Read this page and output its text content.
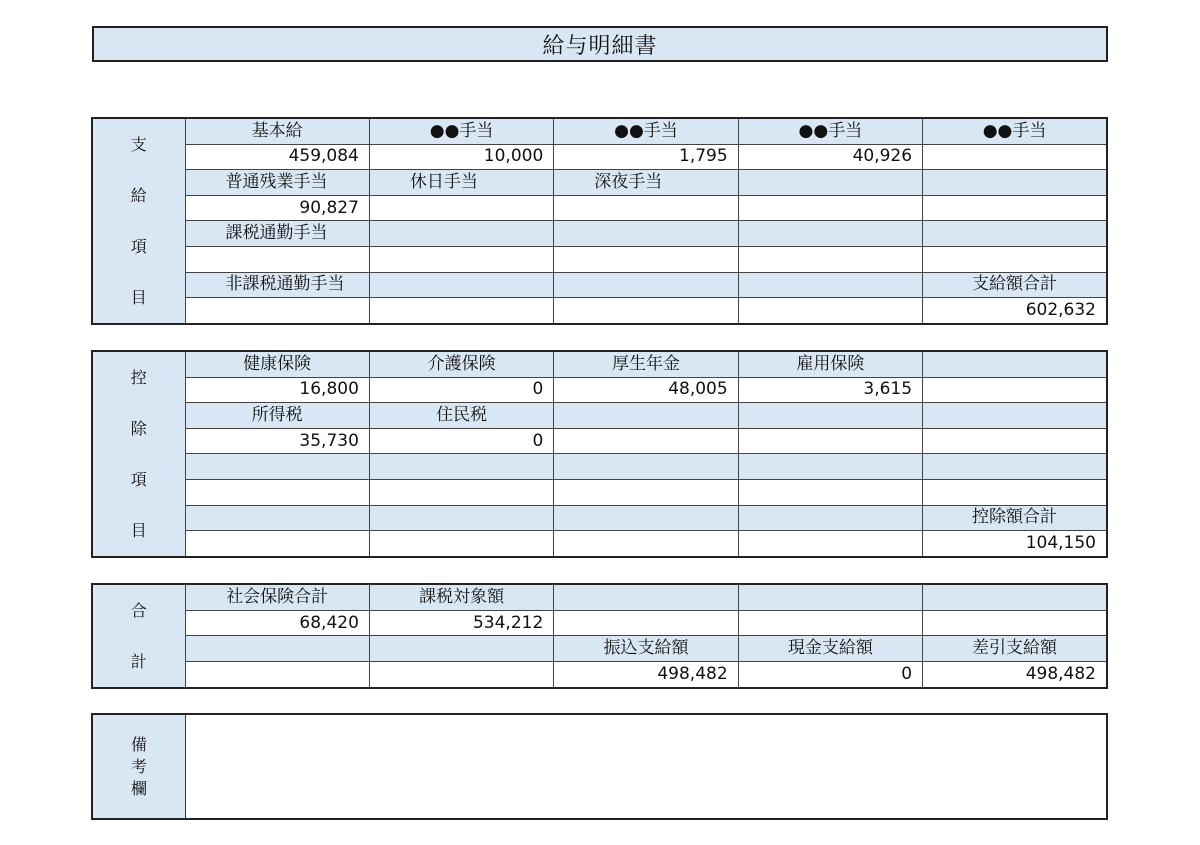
給与明細書
支
給
項
目	基本給	●●手当	●●手当	●●手当	●●手当
	459,084	10,000	1,795	40,926	
	普通残業手当	休日手当	深夜手当		
	90,827				
	課税通勤手当				

	非課税通勤手当				支給額合計
					602,632
控
除
項
目	健康保険	介護保険	厚生年金	雇用保険	
	16,800	0	48,005	3,615	
	所得税	住民税			
	35,730	0			

					控除額合計
					104,150
合
計	社会保険合計	課税対象額			
	68,420	534,212			
			振込支給額	現金支給額	差引支給額
			498,482	0	498,482
備
考
欄
